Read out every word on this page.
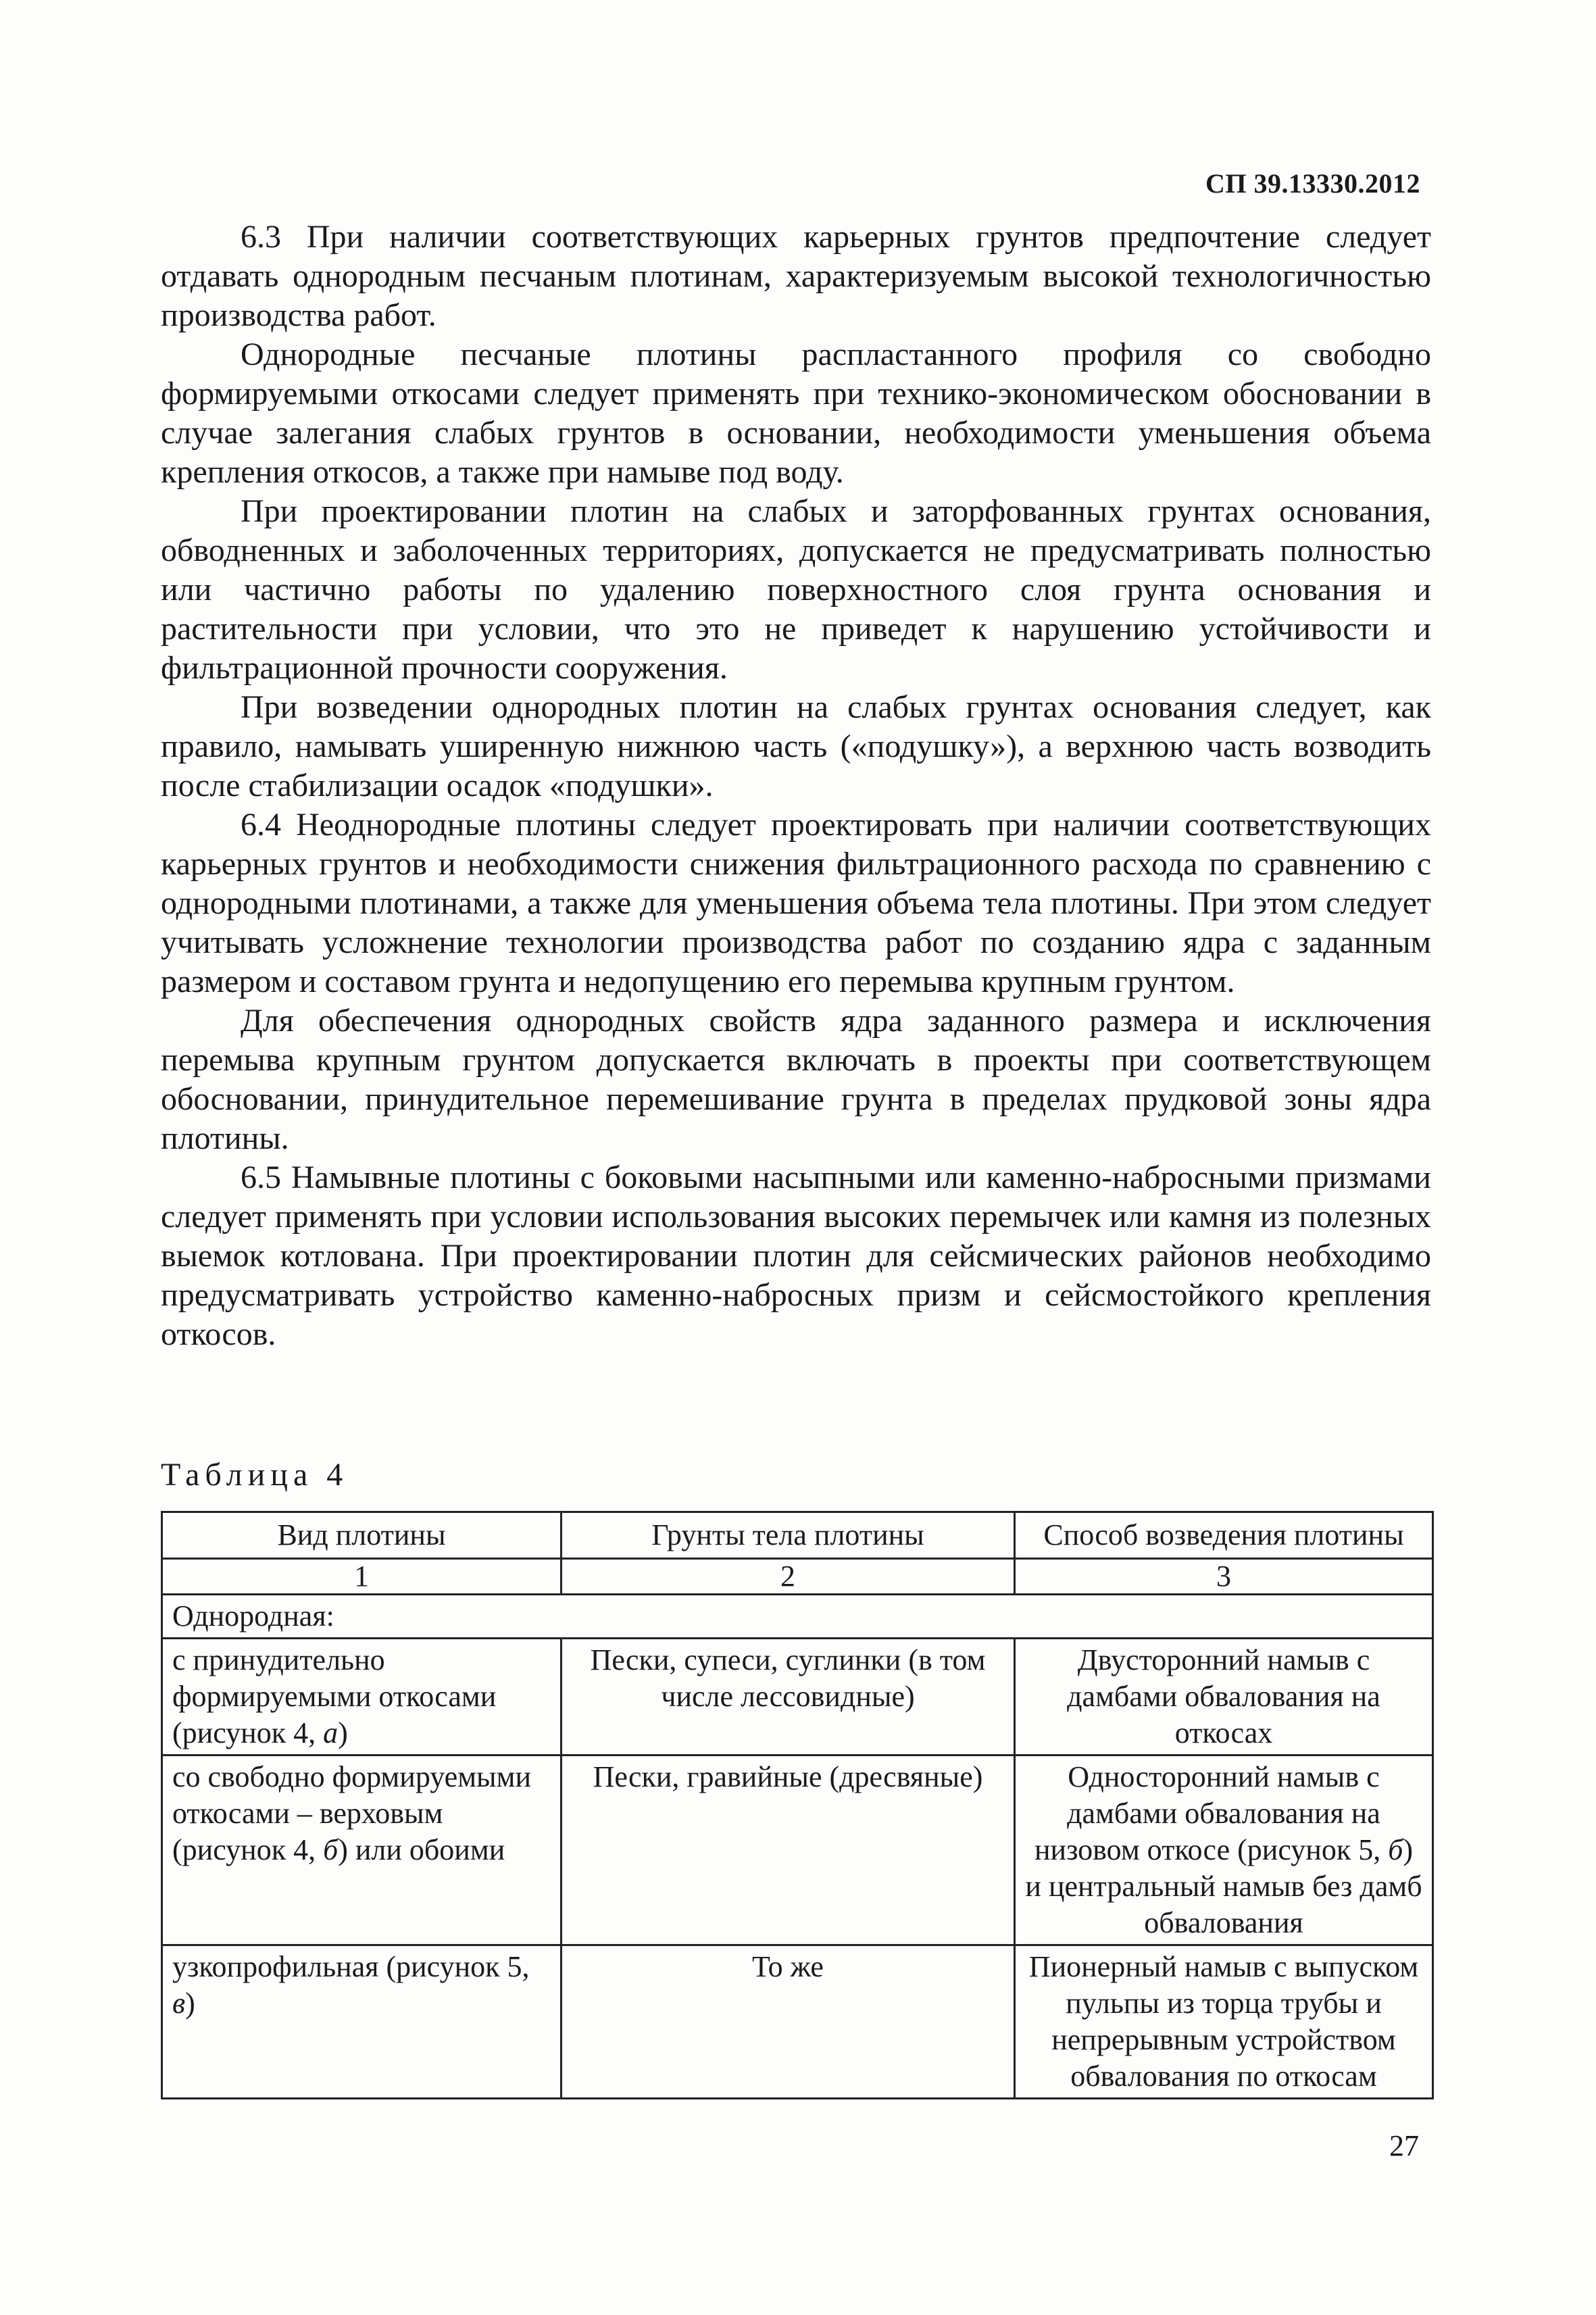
СП 39.13330.2012

6.3 При наличии соответствующих карьерных грунтов предпочтение следует отдавать однородным песчаным плотинам, характеризуемым высокой технологичностью производства работ.

Однородные песчаные плотины распластанного профиля со свободно формируемыми откосами следует применять при технико-экономическом обосновании в случае залегания слабых грунтов в основании, необходимости уменьшения объема крепления откосов, а также при намыве под воду.

При проектировании плотин на слабых и заторфованных грунтах основания, обводненных и заболоченных территориях, допускается не предусматривать полностью или частично работы по удалению поверхностного слоя грунта основания и растительности при условии, что это не приведет к нарушению устойчивости и фильтрационной прочности сооружения.

При возведении однородных плотин на слабых грунтах основания следует, как правило, намывать уширенную нижнюю часть («подушку»), а верхнюю часть возводить после стабилизации осадок «подушки».

6.4 Неоднородные плотины следует проектировать при наличии соответствующих карьерных грунтов и необходимости снижения фильтрационного расхода по сравнению с однородными плотинами, а также для уменьшения объема тела плотины. При этом следует учитывать усложнение технологии производства работ по созданию ядра с заданным размером и составом грунта и недопущению его перемыва крупным грунтом.

Для обеспечения однородных свойств ядра заданного размера и исключения перемыва крупным грунтом допускается включать в проекты при соответствующем обосновании, принудительное перемешивание грунта в пределах прудковой зоны ядра плотины.

6.5 Намывные плотины с боковыми насыпными или каменно-набросными призмами следует применять при условии использования высоких перемычек или камня из полезных выемок котлована. При проектировании плотин для сейсмических районов необходимо предусматривать устройство каменно-набросных призм и сейсмостойкого крепления откосов.

Таблица 4
Вид плотины	Грунты тела плотины	Способ возведения плотины
1	2	3
Однородная:		
с принудительно формируемыми откосами (рисунок 4, а)	Пески, супеси, суглинки (в том числе лессовидные)	Двусторонний намыв с дамбами обвалования на откосах
со свободно формируемыми откосами – верховым (рисунок 4, б) или обоими	Пески, гравийные (дресвяные)	Односторонний намыв с дамбами обвалования на низовом откосе (рисунок 5, б) и центральный намыв без дамб обвалования
узкопрофильная (рисунок 5, в)	То же	Пионерный намыв с выпуском пульпы из торца трубы и непрерывным устройством обвалования по откосам
27
